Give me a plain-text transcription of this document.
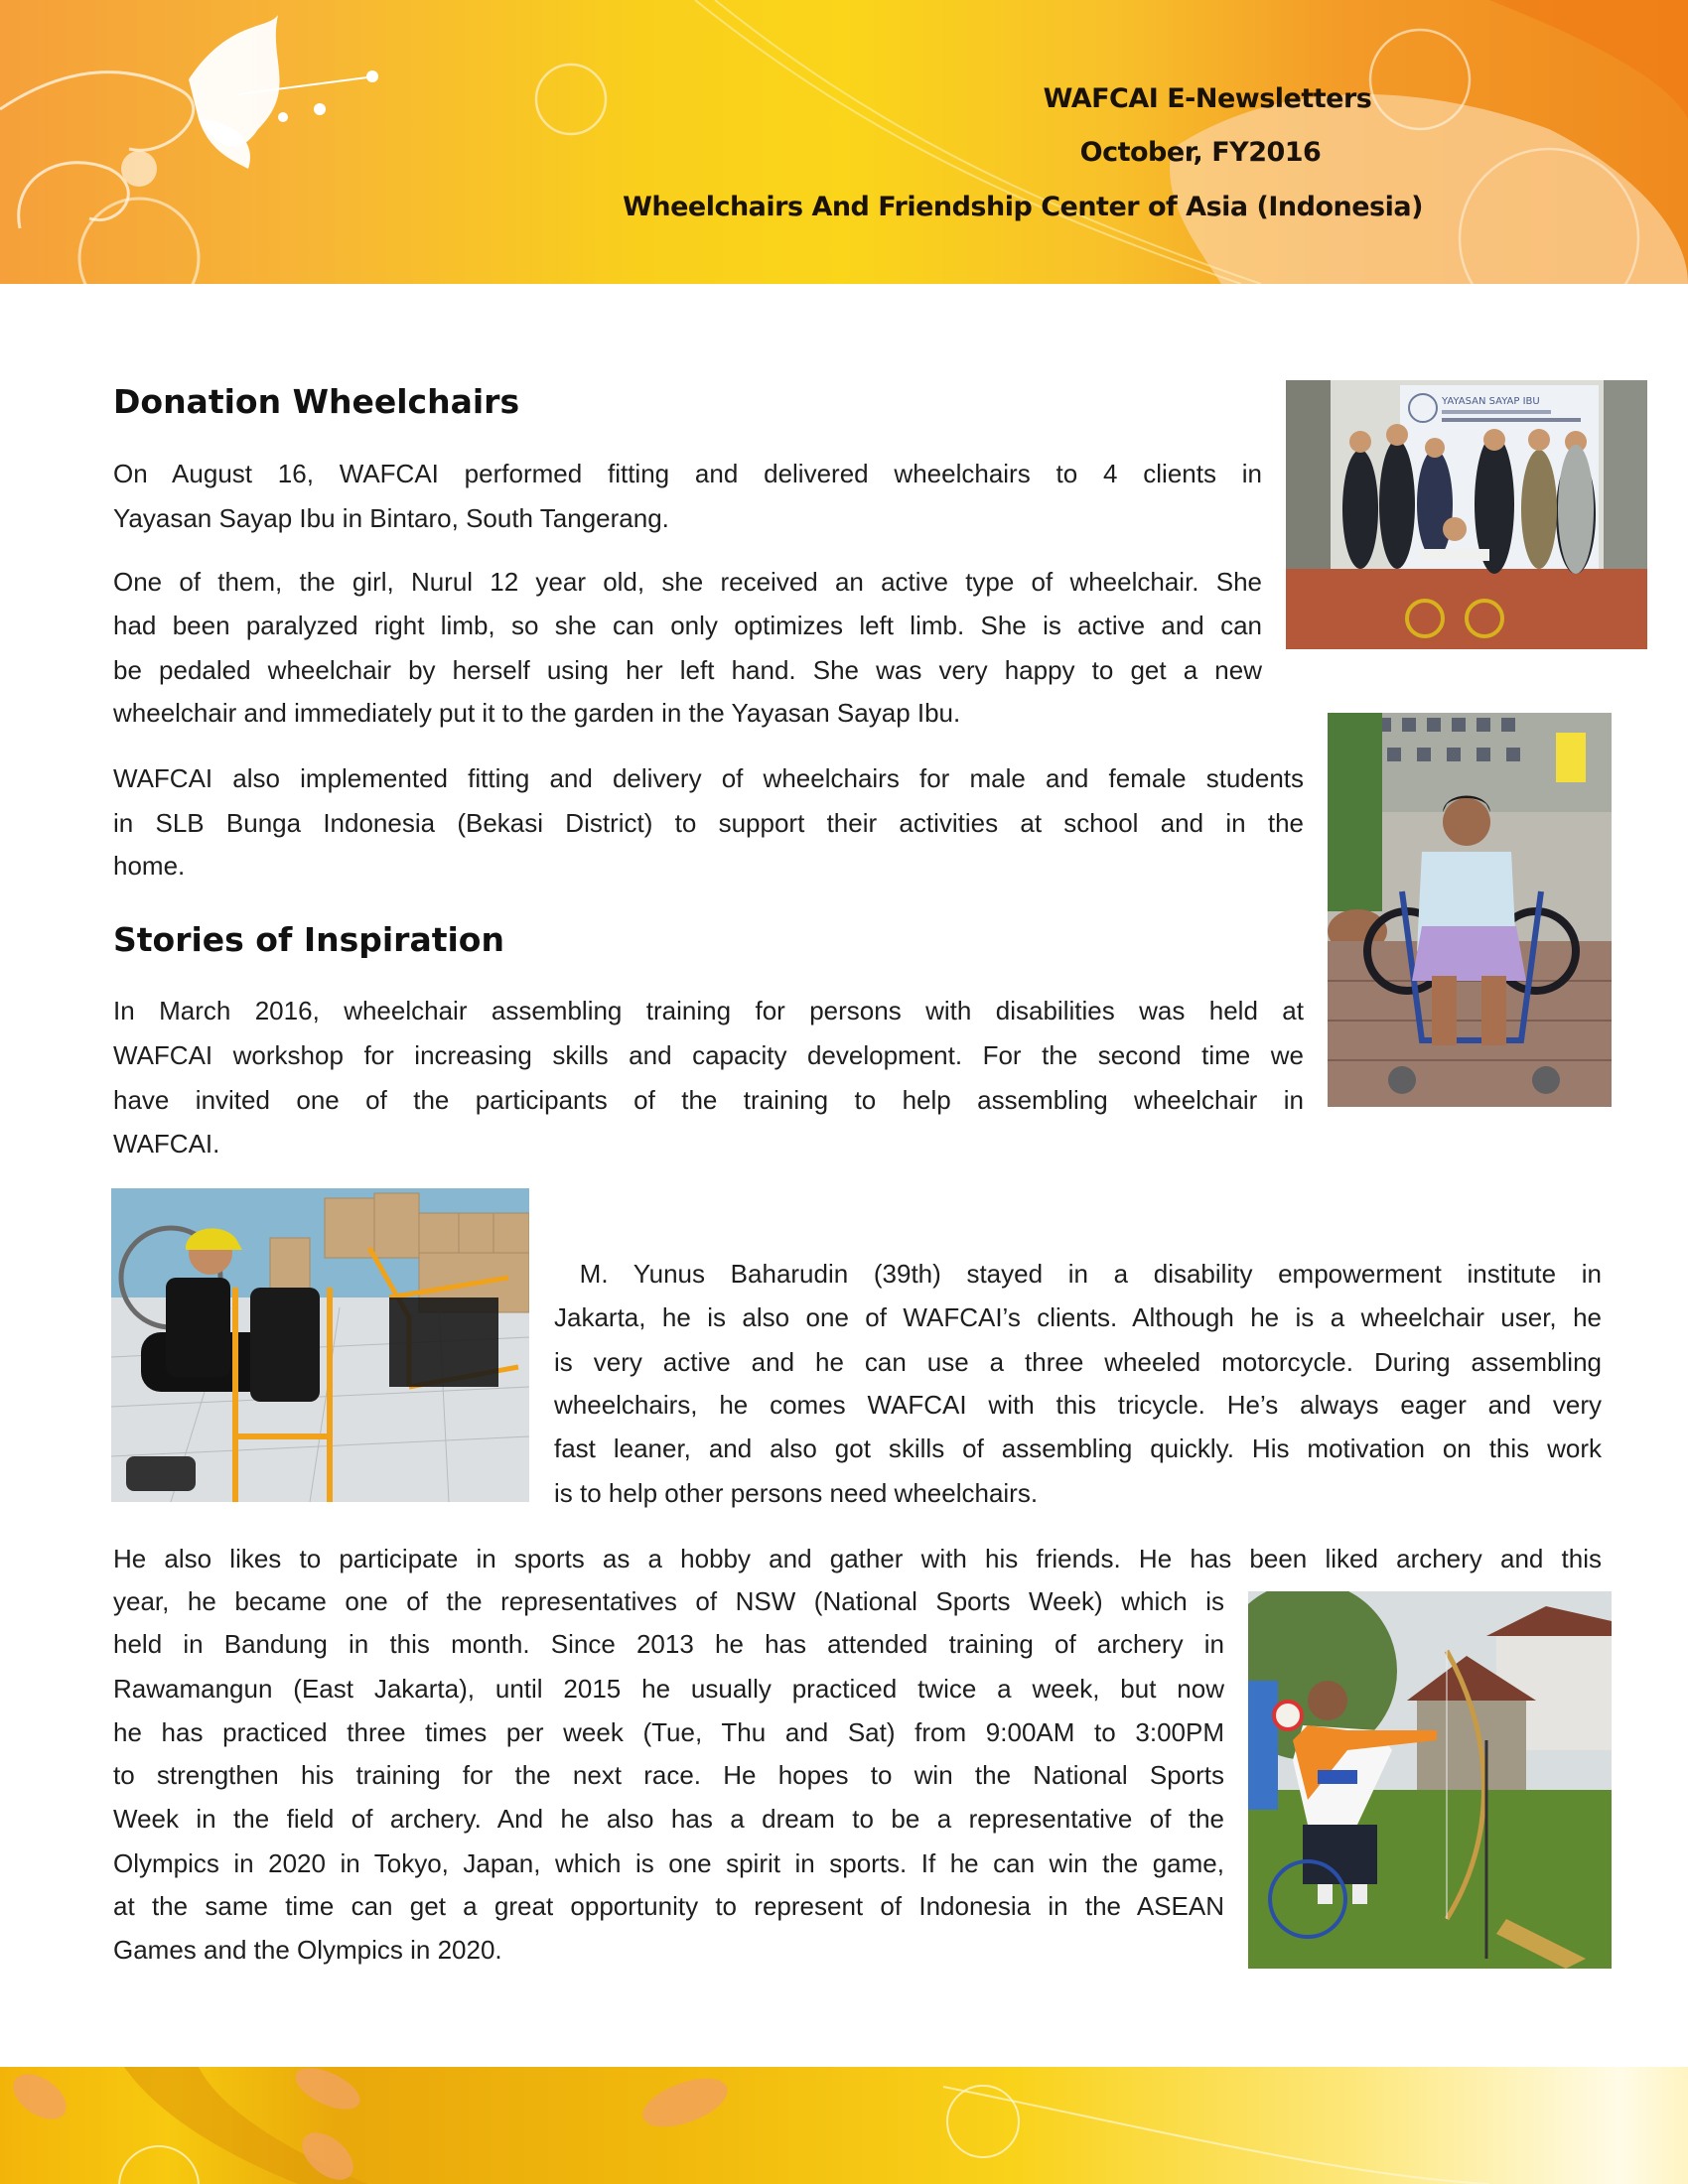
WAFCAI E-Newsletters
October, FY2016
Wheelchairs And Friendship Center of Asia (Indonesia)
Donation Wheelchairs
On August 16, WAFCAI performed fitting and delivered wheelchairs to 4 clients in
Yayasan Sayap Ibu in Bintaro, South Tangerang.
One of them, the girl, Nurul 12 year old, she received an active type of wheelchair. She
had been paralyzed right limb, so she can only optimizes left limb. She is active and can
be pedaled wheelchair by herself using her left hand. She was very happy to get a new
wheelchair and immediately put it to the garden in the Yayasan Sayap Ibu.
WAFCAI also implemented fitting and delivery of wheelchairs for male and female students
in SLB Bunga Indonesia (Bekasi District) to support their activities at school and in the
home.
Stories of Inspiration
In March 2016, wheelchair assembling training for persons with disabilities was held at
WAFCAI workshop for increasing skills and capacity development. For the second time we
have invited one of the participants of the training to help assembling wheelchair in
WAFCAI.
M. Yunus Baharudin (39th) stayed in a disability empowerment institute in
Jakarta, he is also one of WAFCAI’s clients. Although he is a wheelchair user, he
is very active and he can use a three wheeled motorcycle. During assembling
wheelchairs, he comes WAFCAI with this tricycle. He’s always eager and very
fast leaner, and also got skills of assembling quickly. His motivation on this work
is to help other persons need wheelchairs.
He also likes to participate in sports as a hobby and gather with his friends. He has been liked archery and this
year, he became one of the representatives of NSW (National Sports Week) which is
held in Bandung in this month. Since 2013 he has attended training of archery in
Rawamangun (East Jakarta), until 2015 he usually practiced twice a week, but now
he has practiced three times per week (Tue, Thu and Sat) from 9:00AM to 3:00PM
to strengthen his training for the next race. He hopes to win the National Sports
Week in the field of archery. And he also has a dream to be a representative of the
Olympics in 2020 in Tokyo, Japan, which is one spirit in sports. If he can win the game,
at the same time can get a great opportunity to represent of Indonesia in the ASEAN
Games and the Olympics in 2020.
YAYASAN SAYAP IBU
